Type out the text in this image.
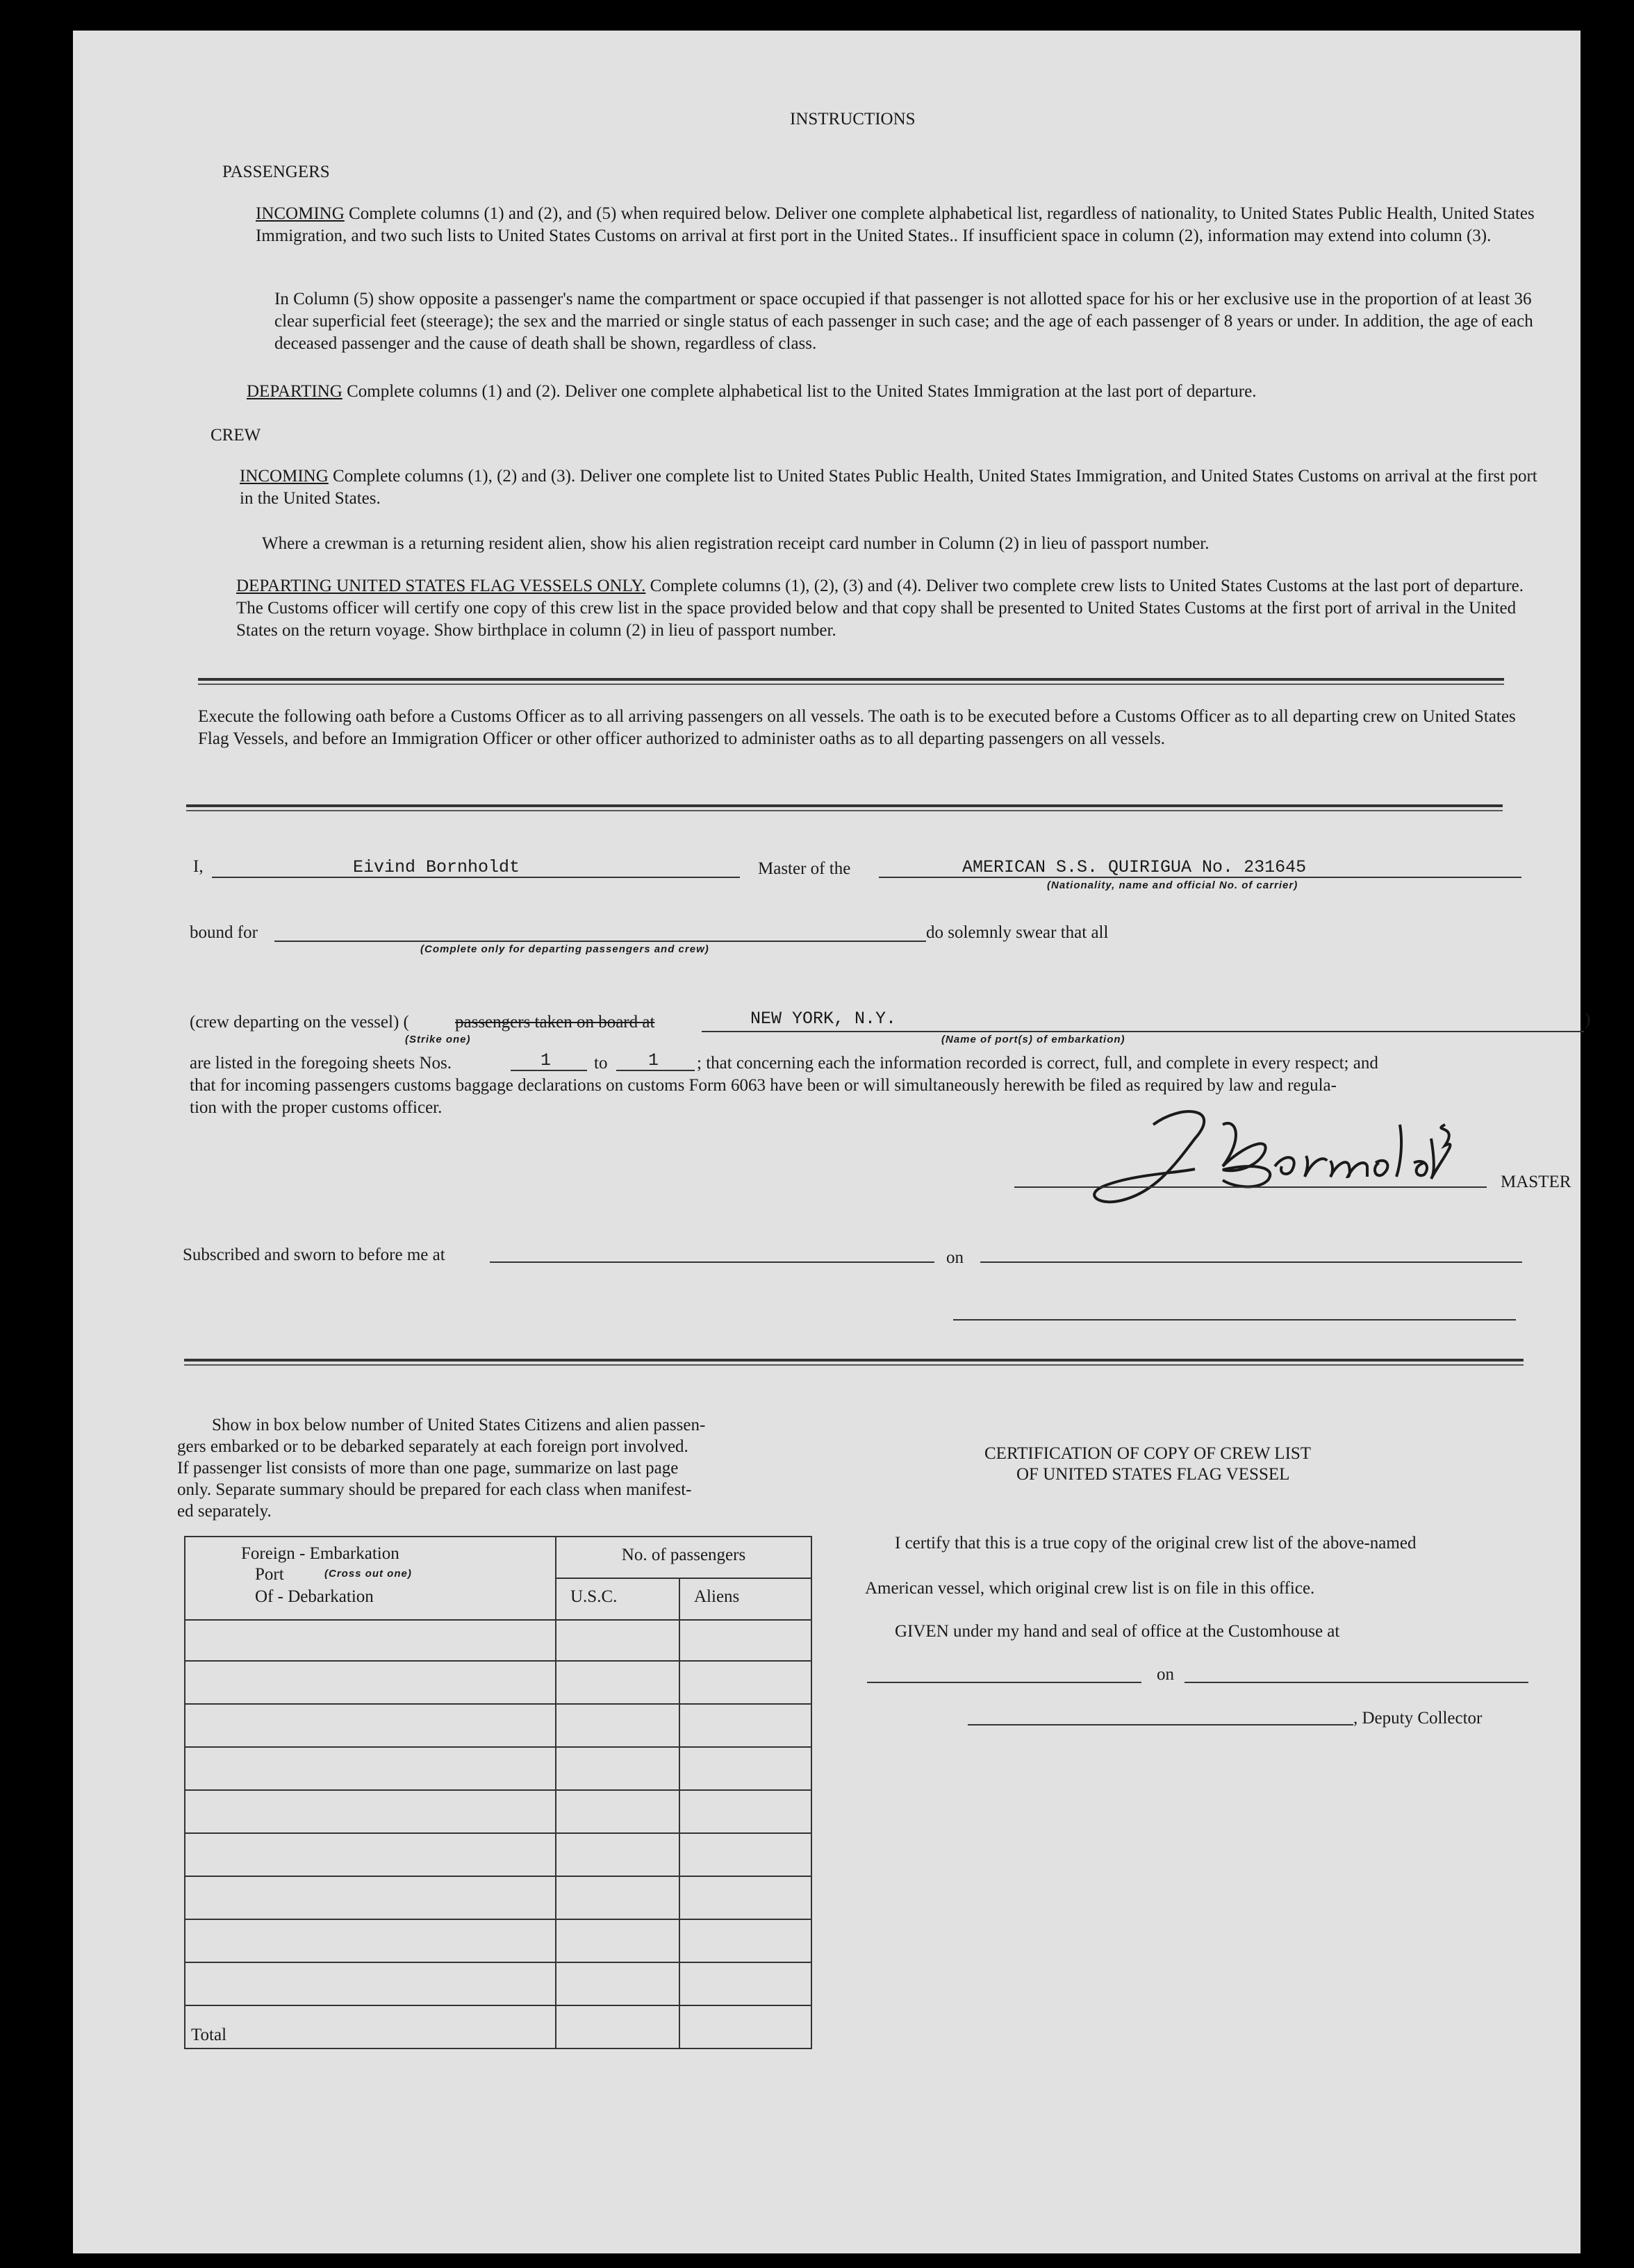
INSTRUCTIONS
PASSENGERS
INCOMING Complete columns (1) and (2), and (5) when required below. Deliver one complete alphabetical list, regardless of nationality, to United States Public Health, United States Immigration, and two such lists to United States Customs on arrival at first port in the United States.. If insufficient space in column (2), information may extend into column (3).
In Column (5) show opposite a passenger's name the compartment or space occupied if that passenger is not allotted space for his or her exclusive use in the proportion of at least 36 clear superficial feet (steerage); the sex and the married or single status of each passenger in such case; and the age of each passenger of 8 years or under. In addition, the age of each deceased passenger and the cause of death shall be shown, regardless of class.
DEPARTING Complete columns (1) and (2). Deliver one complete alphabetical list to the United States Immigration at the last port of departure.
CREW
INCOMING Complete columns (1), (2) and (3). Deliver one complete list to United States Public Health, United States Immigration, and United States Customs on arrival at the first port in the United States.
Where a crewman is a returning resident alien, show his alien registration receipt card number in Column (2) in lieu of passport number.
DEPARTING UNITED STATES FLAG VESSELS ONLY. Complete columns (1), (2), (3) and (4). Deliver two complete crew lists to United States Customs at the last port of departure. The Customs officer will certify one copy of this crew list in the space provided below and that copy shall be presented to United States Customs at the first port of arrival in the United States on the return voyage. Show birthplace in column (2) in lieu of passport number.
Execute the following oath before a Customs Officer as to all arriving passengers on all vessels. The oath is to be executed before a Customs Officer as to all departing crew on United States Flag Vessels, and before an Immigration Officer or other officer authorized to administer oaths as to all departing passengers on all vessels.
I,	Eivind Bornholdt	Master of the	AMERICAN S.S. QUIRIGUA No. 231645
(Nationality, name and official No. of carrier)
bound for
(Complete only for departing passengers and crew)
do solemnly swear that all
(crew departing on the vessel) (	passengers taken on board at
(Strike one)
NEW YORK, N.Y.
(Name of port(s) of embarkation)
)
are listed in the foregoing sheets Nos.	1 to 1 ; that concerning each the information recorded is correct, full, and complete in every respect; and
that for incoming passengers customs baggage declarations on customs Form 6063 have been or will simultaneously herewith be filed as required by law and regula-
tion with the proper customs officer.
MASTER
Subscribed and sworn to before me at	on
Show in box below number of United States Citizens and alien passen-
gers embarked or to be debarked separately at each foreign port involved.
If passenger list consists of more than one page, summarize on last page
only. Separate summary should be prepared for each class when manifest-
ed separately.
Foreign - Embarkation
(Cross out one)
Port
Of - Debarkation	No. of passengers	
	U.S.C.	Aliens

Total		
CERTIFICATION OF COPY OF CREW LIST
OF UNITED STATES FLAG VESSEL
I certify that this is a true copy of the original crew list of the above-named
American vessel, which original crew list is on file in this office.
GIVEN under my hand and seal of office at the Customhouse at
on
, Deputy Collector
